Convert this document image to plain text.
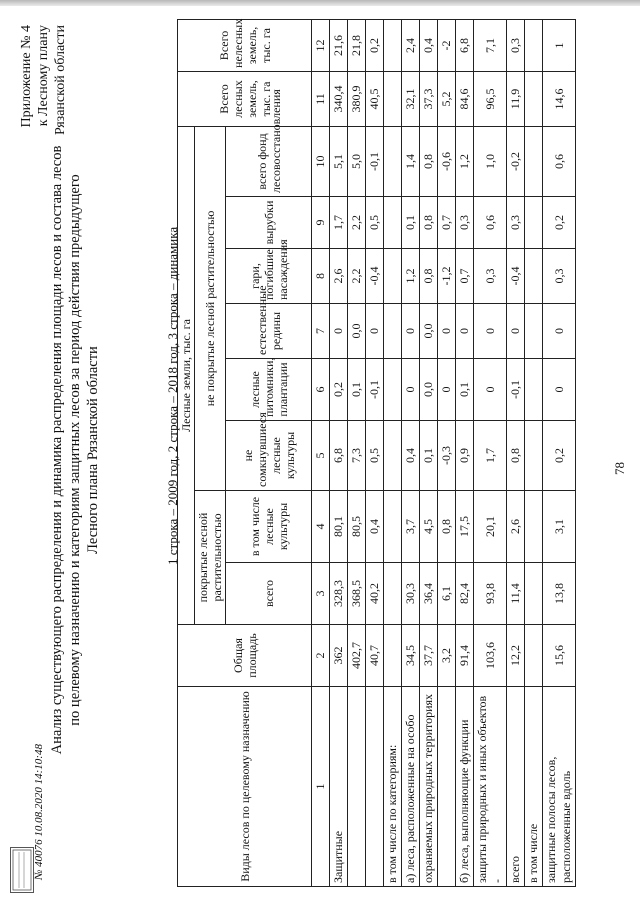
Приложение № 4 к Лесному плану Рязанской области
Анализ существующего распределения и динамика распределения площади лесов и состава лесов по целевому назначению и категориям защитных лесов за период действия предыдущего Лесного плана Рязанской области	1 строка – 2009 год, 2 строка – 2018 год, 3 строка – динамика
Виды лесов по целевому назначению	Общая площадь	Лесные земли, тыс. га								Всего лесных земель, тыс. га	Всего нелесных земель, тыс. га
		покрытые лесной растительностью		не покрытые лесной растительностью							
		всего	в том числе лесные культуры	не сомкнувшиеся лесные культуры	лесные питомники, плантации	естественные редины	гари, погибшие насаждения	вырубки	всего фонд лесовосстановления		
1	2	3	4	5	6	7	8	9	10	11	12
Защитные	362	328,3	80,1	6,8	0,2	0	2,6	1,7	5,1	340,4	21,6
	402,7	368,5	80,5	7,3	0,1	0,0	2,2	2,2	5,0	380,9	21,8
	40,7	40,2	0,4	0,5	-0,1	0	-0,4	0,5	-0,1	40,5	0,2
в том числе по категориям:											
а) леса, расположенные на особо	34,5	30,3	3,7	0,4	0	0	1,2	0,1	1,4	32,1	2,4
охраняемых природных территориях	37,7	36,4	4,5	0,1	0,0	0,0	0,8	0,8	0,8	37,3	0,4
	3,2	6,1	0,8	-0,3	0	0	-1,2	0,7	-0,6	5,2	-2
б) леса, выполняющие функции	91,4	82,4	17,5	0,9	0,1	0	0,7	0,3	1,2	84,6	6,8
защиты природных и иных объектов -	103,6	93,8	20,1	1,7	0	0	0,3	0,6	1,0	96,5	7,1
всего	12,2	11,4	2,6	0,8	-0,1	0	-0,4	0,3	-0,2	11,9	0,3
в том числе											
защитные полосы лесов, расположенные вдоль	15,6	13,8	3,1	0,2	0	0	0,3	0,2	0,6	14,6	1
78
№ 40076 10.08.2020 14:10:48
